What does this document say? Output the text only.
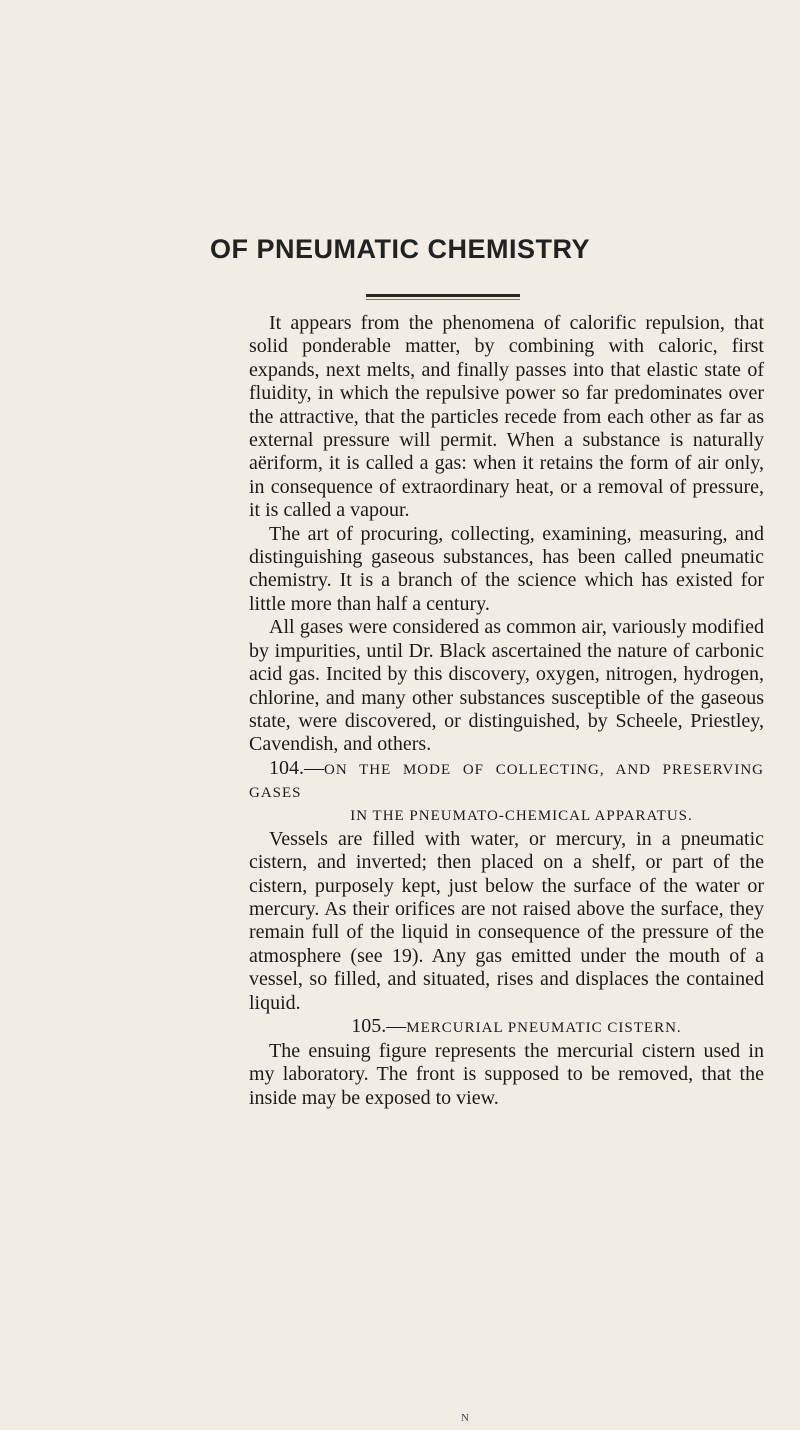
OF PNEUMATIC CHEMISTRY

It appears from the phenomena of calorific repulsion, that solid ponderable matter, by combining with caloric, first expands, next melts, and finally passes into that elastic state of fluidity, in which the repulsive power so far predominates over the attractive, that the particles recede from each other as far as external pressure will permit. When a substance is naturally aëriform, it is called a gas: when it retains the form of air only, in consequence of extraordinary heat, or a removal of pressure, it is called a vapour.

The art of procuring, collecting, examining, measuring, and distinguishing gaseous substances, has been called pneumatic chemistry. It is a branch of the science which has existed for little more than half a century.

All gases were considered as common air, variously modified by impurities, until Dr. Black ascertained the nature of carbonic acid gas. Incited by this discovery, oxygen, nitrogen, hydrogen, chlorine, and many other substances susceptible of the gaseous state, were discovered, or distinguished, by Scheele, Priestley, Cavendish, and others.

104.—ON THE MODE OF COLLECTING, AND PRESERVING GASES
IN THE PNEUMATO-CHEMICAL APPARATUS.

Vessels are filled with water, or mercury, in a pneumatic cistern, and inverted; then placed on a shelf, or part of the cistern, purposely kept, just below the surface of the water or mercury. As their orifices are not raised above the surface, they remain full of the liquid in consequence of the pressure of the atmosphere (see 19). Any gas emitted under the mouth of a vessel, so filled, and situated, rises and displaces the contained liquid.

105.—MERCURIAL PNEUMATIC CISTERN.

The ensuing figure represents the mercurial cistern used in my laboratory. The front is supposed to be removed, that the inside may be exposed to view.

N
